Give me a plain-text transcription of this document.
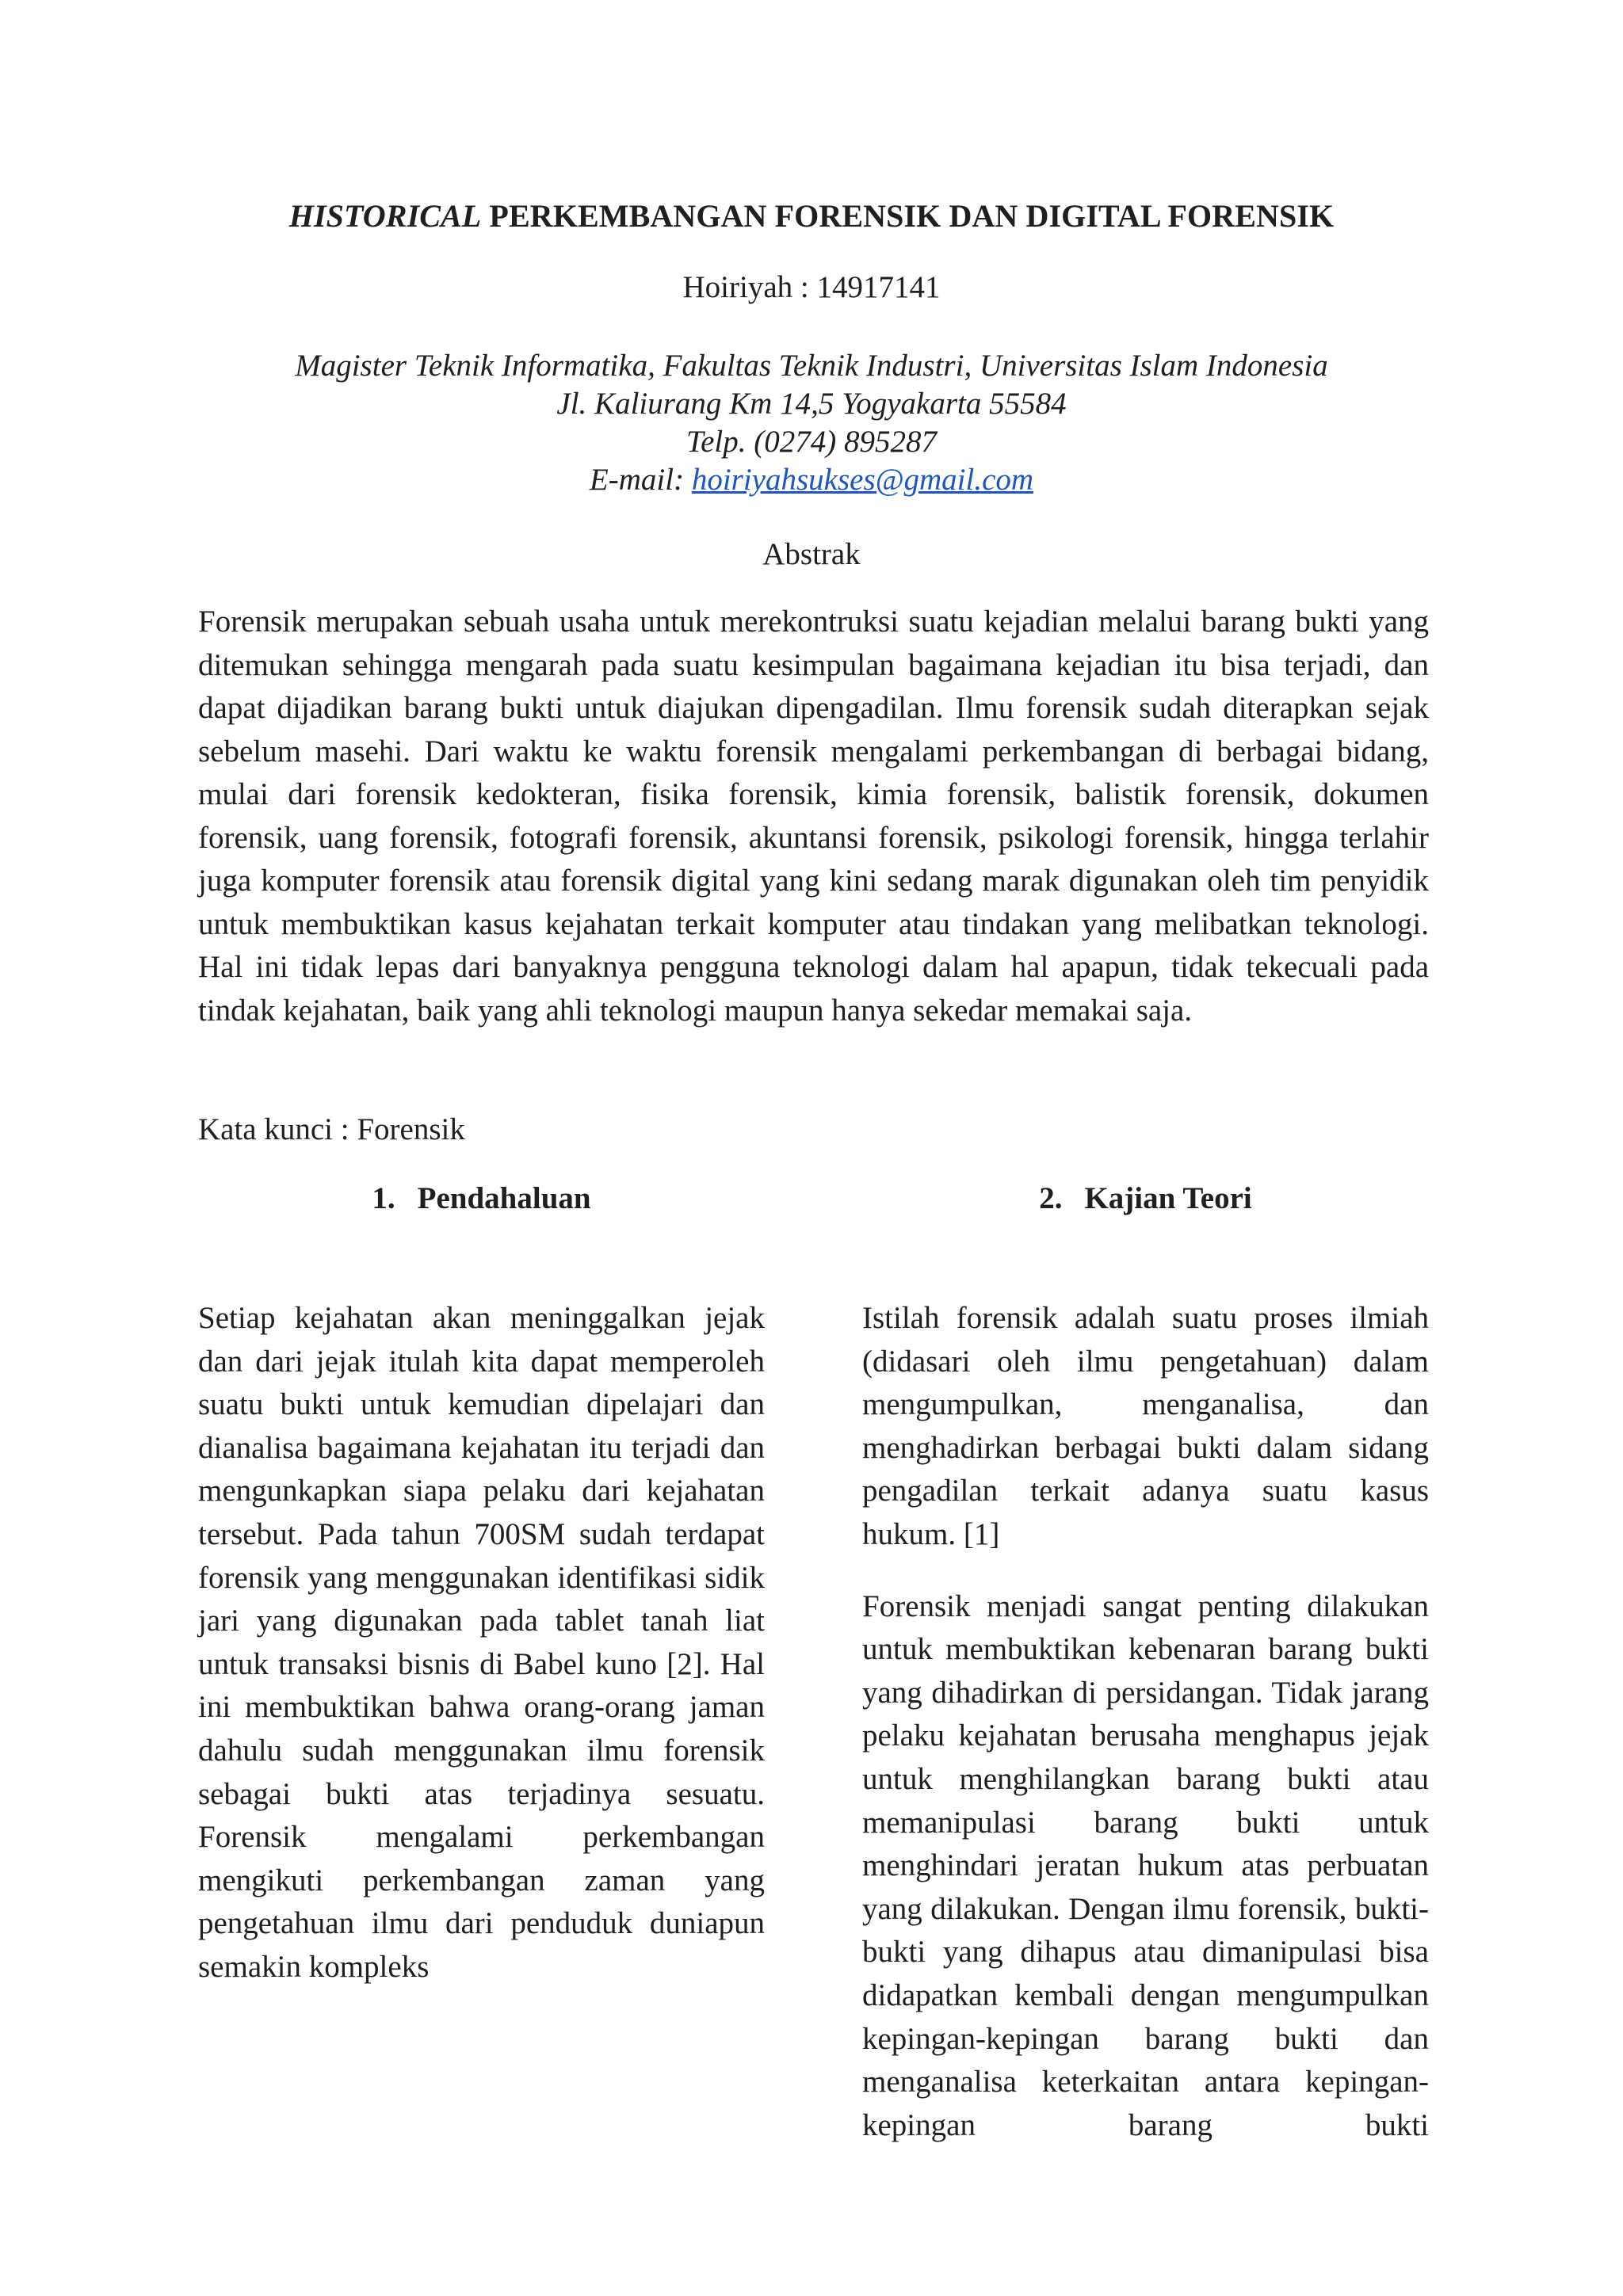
HISTORICAL PERKEMBANGAN FORENSIK DAN DIGITAL FORENSIK
Hoiriyah : 14917141
Magister Teknik Informatika, Fakultas Teknik Industri, Universitas Islam Indonesia
Jl. Kaliurang Km 14,5 Yogyakarta 55584
Telp. (0274) 895287
E-mail: hoiriyahsukses@gmail.com
Abstrak
Forensik merupakan sebuah usaha untuk merekontruksi suatu kejadian melalui barang bukti yang ditemukan sehingga mengarah pada suatu kesimpulan bagaimana kejadian itu bisa terjadi, dan dapat dijadikan barang bukti untuk diajukan dipengadilan. Ilmu forensik sudah diterapkan sejak sebelum masehi. Dari waktu ke waktu forensik mengalami perkembangan di berbagai bidang, mulai dari forensik kedokteran, fisika forensik, kimia forensik, balistik forensik, dokumen forensik, uang forensik, fotografi forensik, akuntansi forensik, psikologi forensik, hingga terlahir juga komputer forensik atau forensik digital yang kini sedang marak digunakan oleh tim penyidik untuk membuktikan kasus kejahatan terkait komputer atau tindakan yang melibatkan teknologi. Hal ini tidak lepas dari banyaknya pengguna teknologi dalam hal apapun, tidak tekecuali pada tindak kejahatan, baik yang ahli teknologi maupun hanya sekedar memakai saja.
Kata kunci : Forensik
1. Pendahaluan

Setiap kejahatan akan meninggalkan jejak dan dari jejak itulah kita dapat memperoleh suatu bukti untuk kemudian dipelajari dan dianalisa bagaimana kejahatan itu terjadi dan mengunkapkan siapa pelaku dari kejahatan tersebut. Pada tahun 700SM sudah terdapat forensik yang menggunakan identifikasi sidik jari yang digunakan pada tablet tanah liat untuk transaksi bisnis di Babel kuno [2]. Hal ini membuktikan bahwa orang-orang jaman dahulu sudah menggunakan ilmu forensik sebagai bukti atas terjadinya sesuatu. Forensik mengalami perkembangan mengikuti perkembangan zaman yang pengetahuan ilmu dari penduduk duniapun semakin kompleks

2. Kajian Teori

Istilah forensik adalah suatu proses ilmiah (didasari oleh ilmu pengetahuan) dalam mengumpulkan, menganalisa, dan menghadirkan berbagai bukti dalam sidang pengadilan terkait adanya suatu kasus hukum. [1]

Forensik menjadi sangat penting dilakukan untuk membuktikan kebenaran barang bukti yang dihadirkan di persidangan. Tidak jarang pelaku kejahatan berusaha menghapus jejak untuk menghilangkan barang bukti atau memanipulasi barang bukti untuk menghindari jeratan hukum atas perbuatan yang dilakukan. Dengan ilmu forensik, bukti-bukti yang dihapus atau dimanipulasi bisa didapatkan kembali dengan mengumpulkan kepingan-kepingan barang bukti dan menganalisa keterkaitan antara kepingan-kepingan barang bukti
